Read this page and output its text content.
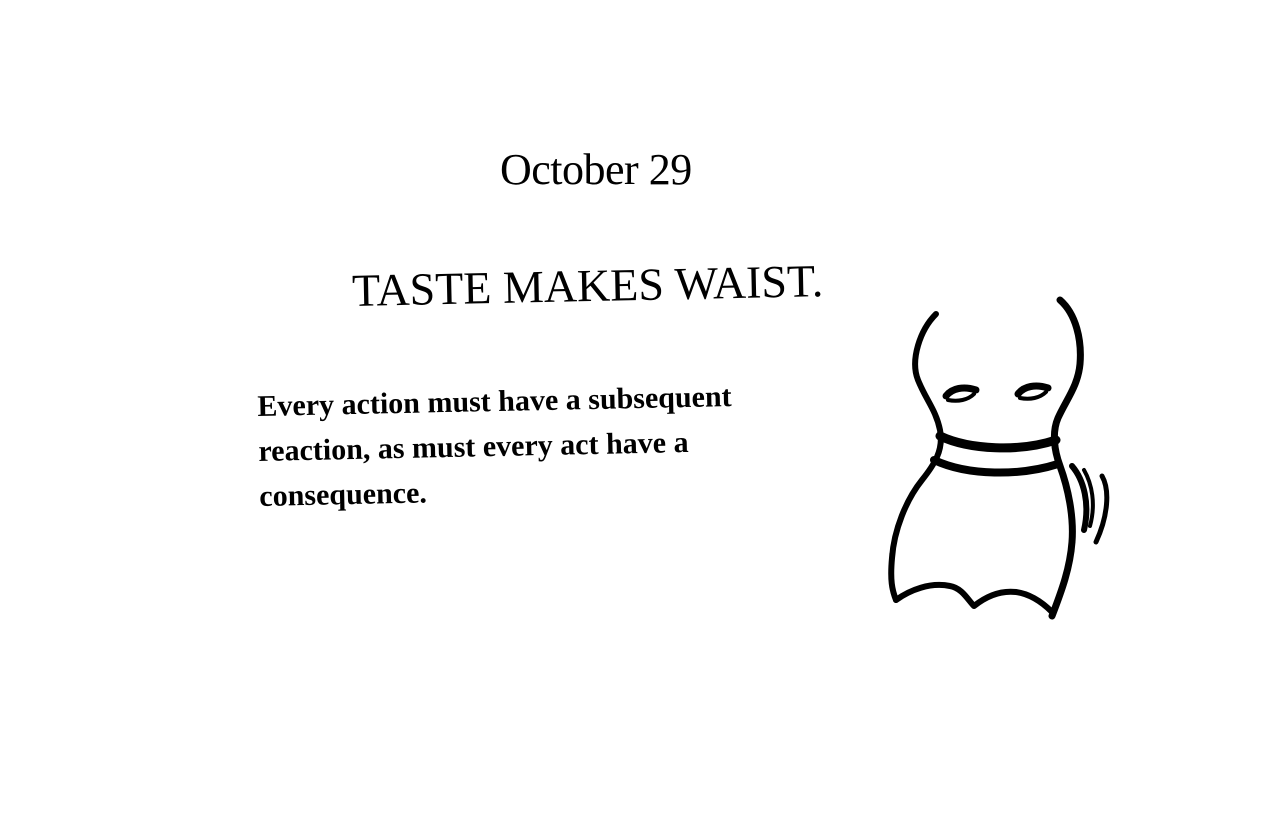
October 29
TASTE MAKES WAIST.
Every action must have a subsequent
reaction, as must every act have a
consequence.
